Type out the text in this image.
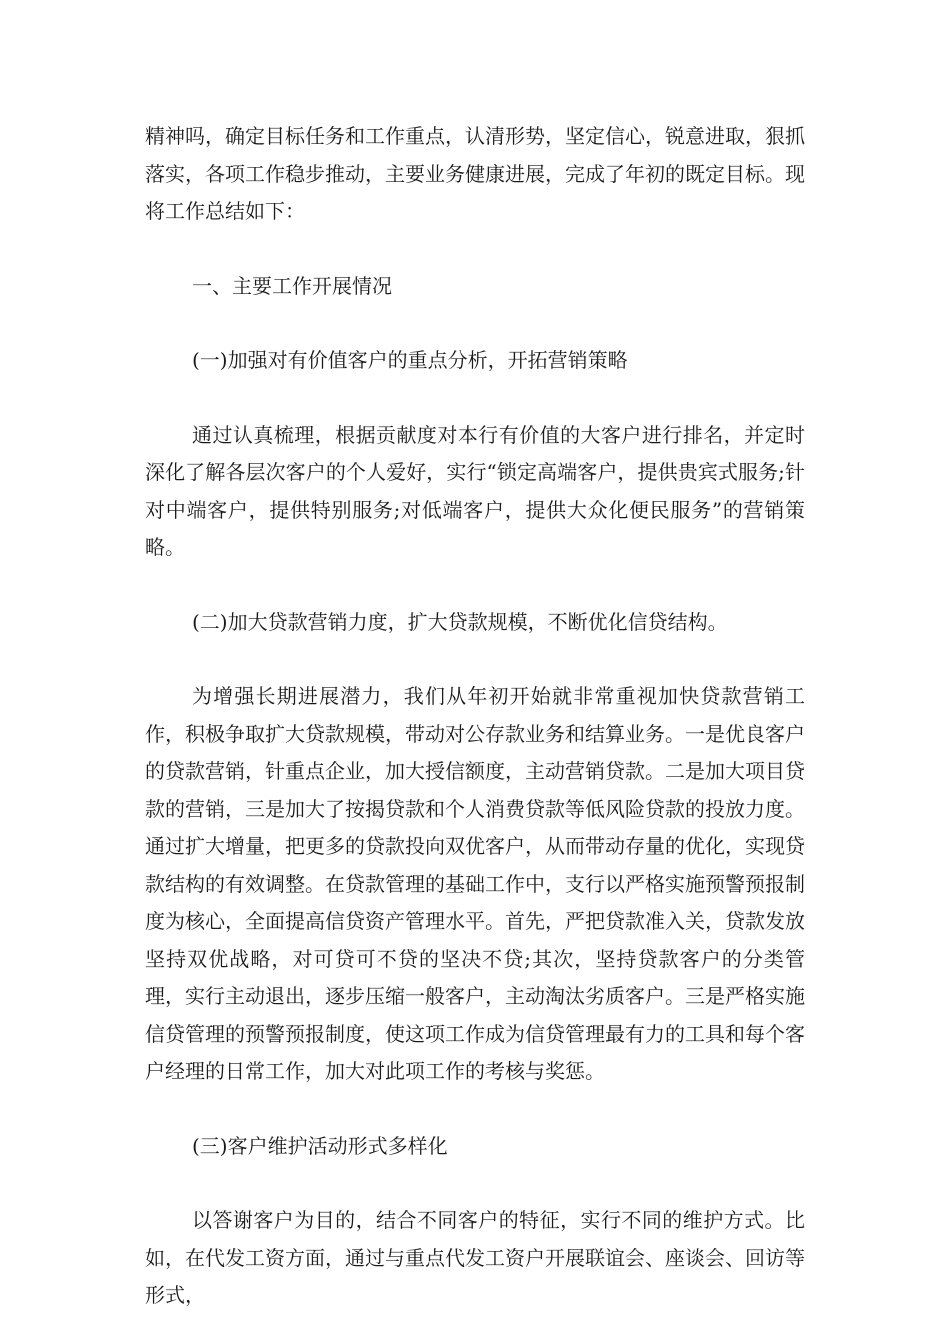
精神吗，确定目标任务和工作重点，认清形势，坚定信心，锐意进取，狠抓落实，各项工作稳步推动，主要业务健康进展，完成了年初的既定目标。现将工作总结如下：

一、主要工作开展情况

(一)加强对有价值客户的重点分析，开拓营销策略

通过认真梳理，根据贡献度对本行有价值的大客户进行排名，并定时深化了解各层次客户的个人爱好，实行“锁定高端客户，提供贵宾式服务;针对中端客户，提供特别服务;对低端客户，提供大众化便民服务”的营销策略。

(二)加大贷款营销力度，扩大贷款规模，不断优化信贷结构。

为增强长期进展潜力，我们从年初开始就非常重视加快贷款营销工作，积极争取扩大贷款规模，带动对公存款业务和结算业务。一是优良客户的贷款营销，针重点企业，加大授信额度，主动营销贷款。二是加大项目贷款的营销，三是加大了按揭贷款和个人消费贷款等低风险贷款的投放力度。通过扩大增量，把更多的贷款投向双优客户，从而带动存量的优化，实现贷款结构的有效调整。在贷款管理的基础工作中，支行以严格实施预警预报制度为核心，全面提高信贷资产管理水平。首先，严把贷款准入关，贷款发放坚持双优战略，对可贷可不贷的坚决不贷;其次，坚持贷款客户的分类管理，实行主动退出，逐步压缩一般客户，主动淘汰劣质客户。三是严格实施信贷管理的预警预报制度，使这项工作成为信贷管理最有力的工具和每个客户经理的日常工作，加大对此项工作的考核与奖惩。

(三)客户维护活动形式多样化

以答谢客户为目的，结合不同客户的特征，实行不同的维护方式。比如，在代发工资方面，通过与重点代发工资户开展联谊会、座谈会、回访等形式，
